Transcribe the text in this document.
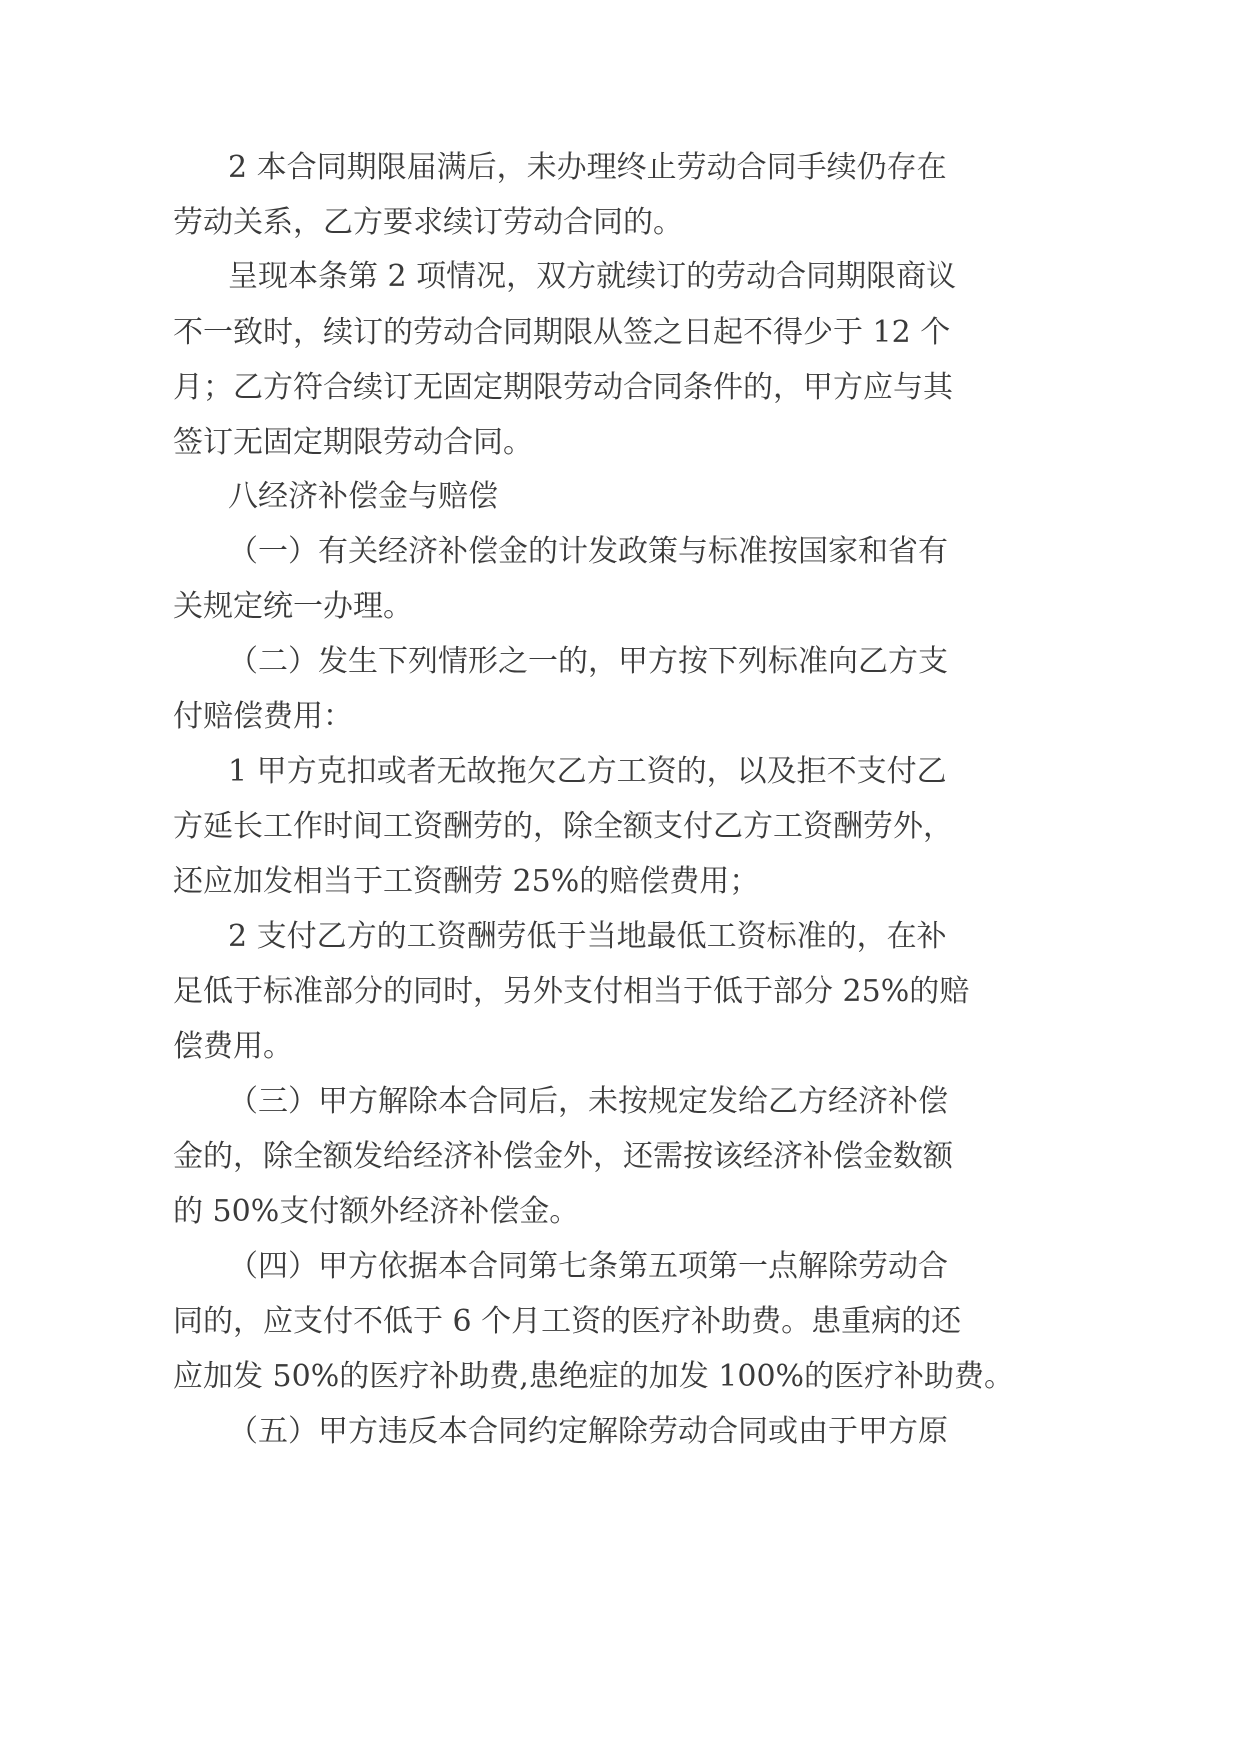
2 本合同期限届满后，未办理终止劳动合同手续仍存在
劳动关系，乙方要求续订劳动合同的。
呈现本条第 2 项情况，双方就续订的劳动合同期限商议
不一致时，续订的劳动合同期限从签之日起不得少于 12 个
月；乙方符合续订无固定期限劳动合同条件的，甲方应与其
签订无固定期限劳动合同。
八经济补偿金与赔偿
（一）有关经济补偿金的计发政策与标准按国家和省有
关规定统一办理。
（二）发生下列情形之一的，甲方按下列标准向乙方支
付赔偿费用：
1 甲方克扣或者无故拖欠乙方工资的，以及拒不支付乙
方延长工作时间工资酬劳的，除全额支付乙方工资酬劳外，
还应加发相当于工资酬劳 25%的赔偿费用；
2 支付乙方的工资酬劳低于当地最低工资标准的，在补
足低于标准部分的同时，另外支付相当于低于部分 25%的赔
偿费用。
（三）甲方解除本合同后，未按规定发给乙方经济补偿
金的，除全额发给经济补偿金外，还需按该经济补偿金数额
的 50%支付额外经济补偿金。
（四）甲方依据本合同第七条第五项第一点解除劳动合
同的，应支付不低于 6 个月工资的医疗补助费。患重病的还
应加发 50%的医疗补助费,患绝症的加发 100%的医疗补助费。
（五）甲方违反本合同约定解除劳动合同或由于甲方原
